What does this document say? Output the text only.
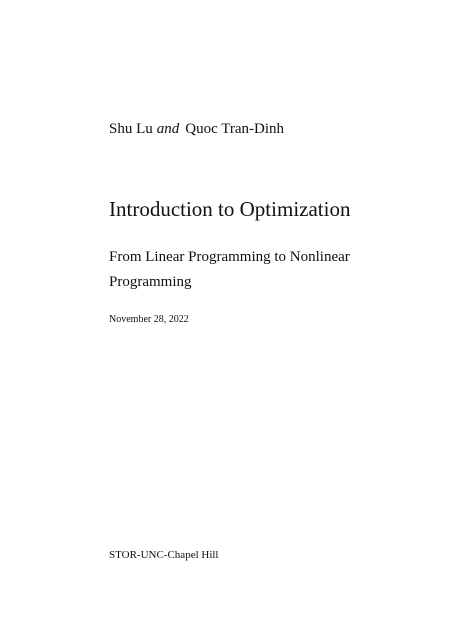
Shu Lu and Quoc Tran-Dinh
Introduction to Optimization
From Linear Programming to Nonlinear Programming
November 28, 2022
STOR-UNC-Chapel Hill
